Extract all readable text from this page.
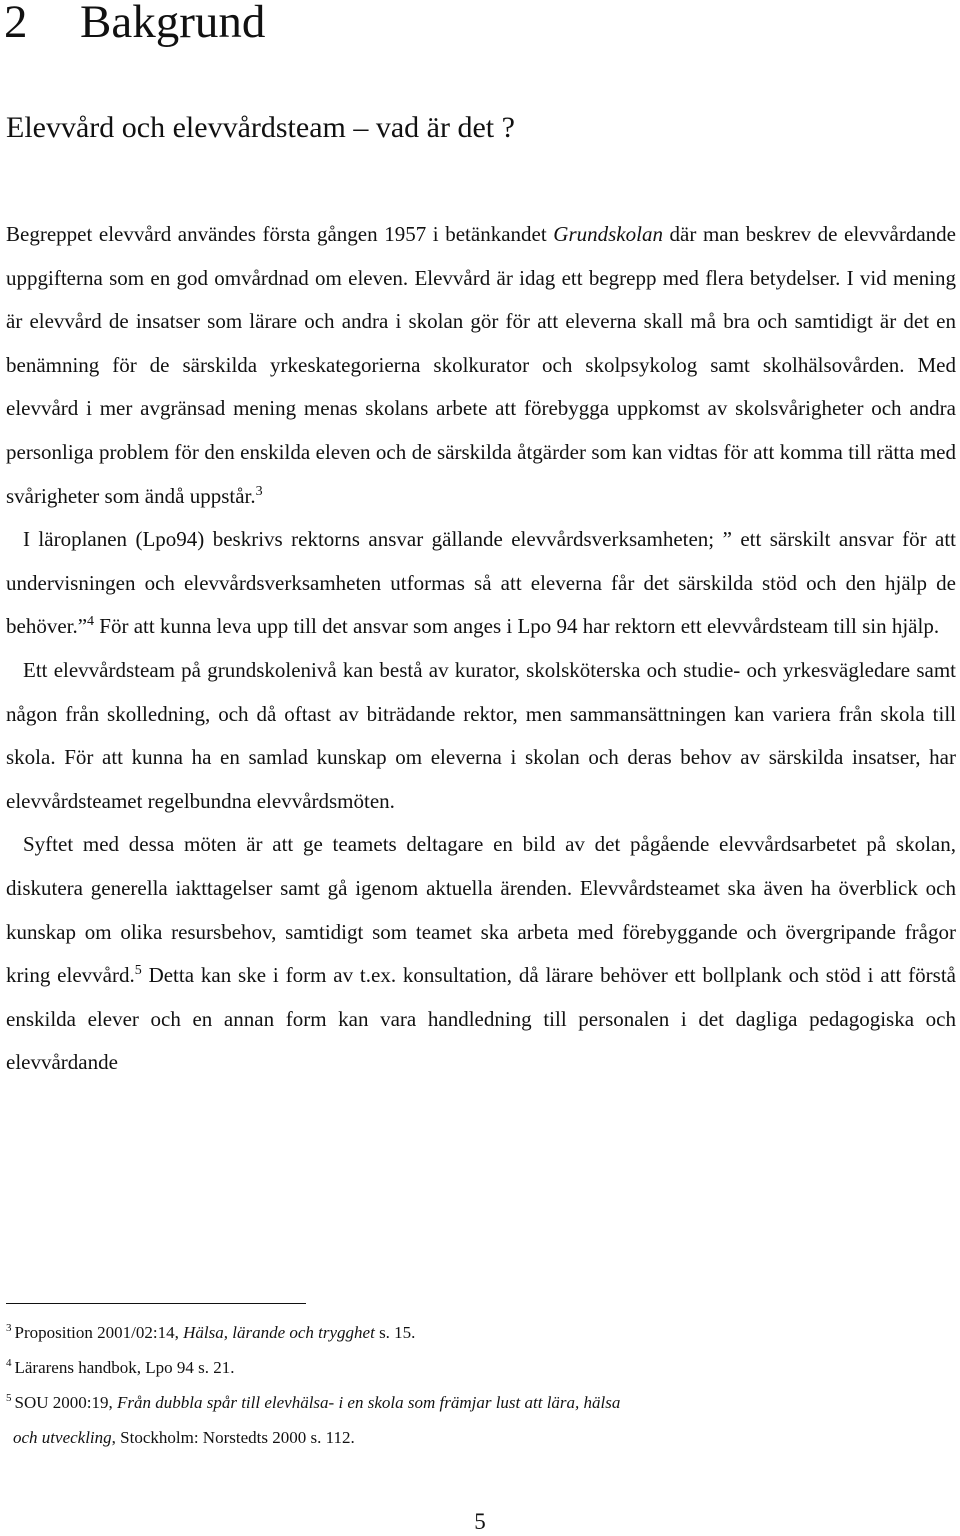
2 Bakgrund
Elevvård och elevvårdsteam – vad är det ?

Begreppet elevvård användes första gången 1957 i betänkandet Grundskolan där man beskrev de elevvårdande uppgifterna som en god omvårdnad om eleven. Elevvård är idag ett begrepp med flera betydelser. I vid mening är elevvård de insatser som lärare och andra i skolan gör för att eleverna skall må bra och samtidigt är det en benämning för de särskilda yrkeskategorierna skolkurator och skolpsykolog samt skolhälsovården. Med elevvård i mer avgränsad mening menas skolans arbete att förebygga uppkomst av skolsvårigheter och andra personliga problem för den enskilda eleven och de särskilda åtgärder som kan vidtas för att komma till rätta med svårigheter som ändå uppstår.$^3$

I läroplanen (Lpo94) beskrivs rektorns ansvar gällande elevvårdsverksamheten; ” ett särskilt ansvar för att undervisningen och elevvårdsverksamheten utformas så att eleverna får det särskilda stöd och den hjälp de behöver.”$^4$ För att kunna leva upp till det ansvar som anges i Lpo 94 har rektorn ett elevvårdsteam till sin hjälp.

Ett elevvårdsteam på grundskolenivå kan bestå av kurator, skolsköterska och studie- och yrkesvägledare samt någon från skolledning, och då oftast av biträdande rektor, men sammansättningen kan variera från skola till skola. För att kunna ha en samlad kunskap om eleverna i skolan och deras behov av särskilda insatser, har elevvårdsteamet regelbundna elevvårdsmöten.

Syftet med dessa möten är att ge teamets deltagare en bild av det pågående elevvårdsarbetet på skolan, diskutera generella iakttagelser samt gå igenom aktuella ärenden. Elevvårdsteamet ska även ha överblick och kunskap om olika resursbehov, samtidigt som teamet ska arbeta med förebyggande och övergripande frågor kring elevvård.$^5$ Detta kan ske i form av t.ex. konsultation, då lärare behöver ett bollplank och stöd i att förstå enskilda elever och en annan form kan vara handledning till personalen i det dagliga pedagogiska och elevvårdande

$^3$ Proposition 2001/02:14, Hälsa, lärande och trygghet s. 15.

$^4$ Lärarens handbok, Lpo 94 s. 21.

$^5$ SOU 2000:19, Från dubbla spår till elevhälsa- i en skola som främjar lust att lära, hälsa

och utveckling, Stockholm: Norstedts 2000 s. 112.

5
